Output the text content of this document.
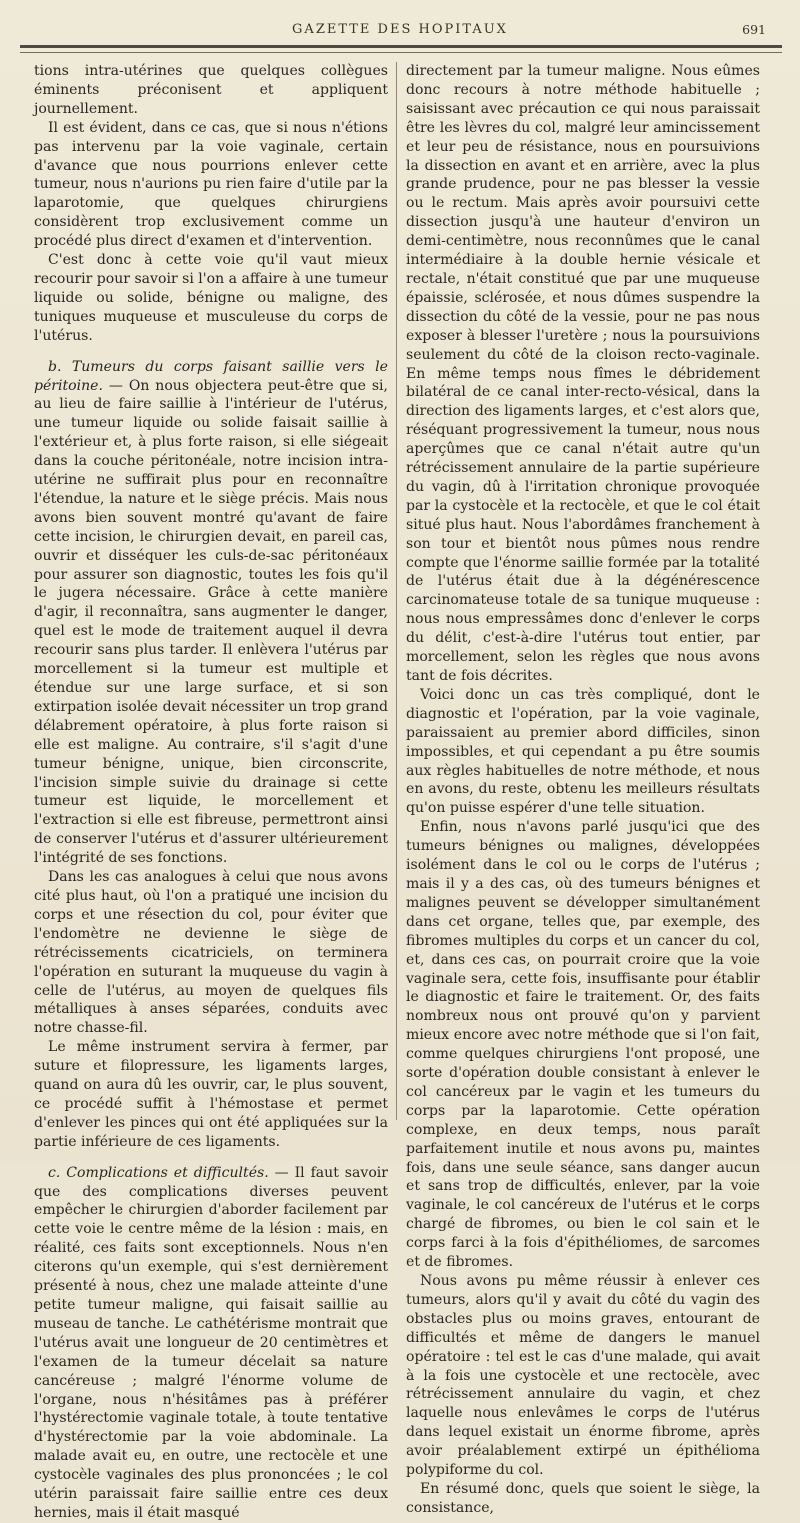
GAZETTE DES HOPITAUX	691

tions intra-utérines que quelques collègues éminents préconisent et appliquent journellement.

Il est évident, dans ce cas, que si nous n'étions pas intervenu par la voie vaginale, certain d'avance que nous pourrions enlever cette tumeur, nous n'aurions pu rien faire d'utile par la laparotomie, que quelques chirurgiens considèrent trop exclusivement comme un procédé plus direct d'examen et d'intervention.

C'est donc à cette voie qu'il vaut mieux recourir pour savoir si l'on a affaire à une tumeur liquide ou solide, bénigne ou maligne, des tuniques muqueuse et musculeuse du corps de l'utérus.

b. Tumeurs du corps faisant saillie vers le péritoine. — On nous objectera peut-être que si, au lieu de faire saillie à l'intérieur de l'utérus, une tumeur liquide ou solide faisait saillie à l'extérieur et, à plus forte raison, si elle siégeait dans la couche péritonéale, notre incision intra-utérine ne suffirait plus pour en reconnaître l'étendue, la nature et le siège précis. Mais nous avons bien souvent montré qu'avant de faire cette incision, le chirurgien devait, en pareil cas, ouvrir et disséquer les culs-de-sac péritonéaux pour assurer son diagnostic, toutes les fois qu'il le jugera nécessaire. Grâce à cette manière d'agir, il reconnaîtra, sans augmenter le danger, quel est le mode de traitement auquel il devra recourir sans plus tarder. Il enlèvera l'utérus par morcellement si la tumeur est multiple et étendue sur une large surface, et si son extirpation isolée devait nécessiter un trop grand délabrement opératoire, à plus forte raison si elle est maligne. Au contraire, s'il s'agit d'une tumeur bénigne, unique, bien circonscrite, l'incision simple suivie du drainage si cette tumeur est liquide, le morcellement et l'extraction si elle est fibreuse, permettront ainsi de conserver l'utérus et d'assurer ultérieurement l'intégrité de ses fonctions.

Dans les cas analogues à celui que nous avons cité plus haut, où l'on a pratiqué une incision du corps et une résection du col, pour éviter que l'endomètre ne devienne le siège de rétrécissements cicatriciels, on terminera l'opération en suturant la muqueuse du vagin à celle de l'utérus, au moyen de quelques fils métalliques à anses séparées, conduits avec notre chasse-fil.

Le même instrument servira à fermer, par suture et filopressure, les ligaments larges, quand on aura dû les ouvrir, car, le plus souvent, ce procédé suffit à l'hémostase et permet d'enlever les pinces qui ont été appliquées sur la partie inférieure de ces ligaments.

c. Complications et difficultés. — Il faut savoir que des complications diverses peuvent empêcher le chirurgien d'aborder facilement par cette voie le centre même de la lésion : mais, en réalité, ces faits sont exceptionnels. Nous n'en citerons qu'un exemple, qui s'est dernièrement présenté à nous, chez une malade atteinte d'une petite tumeur maligne, qui faisait saillie au museau de tanche. Le cathétérisme montrait que l'utérus avait une longueur de 20 centimètres et l'examen de la tumeur décelait sa nature cancéreuse ; malgré l'énorme volume de l'organe, nous n'hésitâmes pas à préférer l'hystérectomie vaginale totale, à toute tentative d'hystérectomie par la voie abdominale. La malade avait eu, en outre, une rectocèle et une cystocèle vaginales des plus prononcées ; le col utérin paraissait faire saillie entre ces deux hernies, mais il était masqué

directement par la tumeur maligne. Nous eûmes donc recours à notre méthode habituelle ; saisissant avec précaution ce qui nous paraissait être les lèvres du col, malgré leur amincissement et leur peu de résistance, nous en poursuivions la dissection en avant et en arrière, avec la plus grande prudence, pour ne pas blesser la vessie ou le rectum. Mais après avoir poursuivi cette dissection jusqu'à une hauteur d'environ un demi-centimètre, nous reconnûmes que le canal intermédiaire à la double hernie vésicale et rectale, n'était constitué que par une muqueuse épaissie, sclérosée, et nous dûmes suspendre la dissection du côté de la vessie, pour ne pas nous exposer à blesser l'uretère ; nous la poursuivions seulement du côté de la cloison recto-vaginale. En même temps nous fîmes le débridement bilatéral de ce canal inter-recto-vésical, dans la direction des ligaments larges, et c'est alors que, réséquant progressivement la tumeur, nous nous aperçûmes que ce canal n'était autre qu'un rétrécissement annulaire de la partie supérieure du vagin, dû à l'irritation chronique provoquée par la cystocèle et la rectocèle, et que le col était situé plus haut. Nous l'abordâmes franchement à son tour et bientôt nous pûmes nous rendre compte que l'énorme saillie formée par la totalité de l'utérus était due à la dégénérescence carcinomateuse totale de sa tunique muqueuse : nous nous empressâmes donc d'enlever le corps du délit, c'est-à-dire l'utérus tout entier, par morcellement, selon les règles que nous avons tant de fois décrites.

Voici donc un cas très compliqué, dont le diagnostic et l'opération, par la voie vaginale, paraissaient au premier abord difficiles, sinon impossibles, et qui cependant a pu être soumis aux règles habituelles de notre méthode, et nous en avons, du reste, obtenu les meilleurs résultats qu'on puisse espérer d'une telle situation.

Enfin, nous n'avons parlé jusqu'ici que des tumeurs bénignes ou malignes, développées isolément dans le col ou le corps de l'utérus ; mais il y a des cas, où des tumeurs bénignes et malignes peuvent se développer simultanément dans cet organe, telles que, par exemple, des fibromes multiples du corps et un cancer du col, et, dans ces cas, on pourrait croire que la voie vaginale sera, cette fois, insuffisante pour établir le diagnostic et faire le traitement. Or, des faits nombreux nous ont prouvé qu'on y parvient mieux encore avec notre méthode que si l'on fait, comme quelques chirurgiens l'ont proposé, une sorte d'opération double consistant à enlever le col cancéreux par le vagin et les tumeurs du corps par la laparotomie. Cette opération complexe, en deux temps, nous paraît parfaitement inutile et nous avons pu, maintes fois, dans une seule séance, sans danger aucun et sans trop de difficultés, enlever, par la voie vaginale, le col cancéreux de l'utérus et le corps chargé de fibromes, ou bien le col sain et le corps farci à la fois d'épithéliomes, de sarcomes et de fibromes.

Nous avons pu même réussir à enlever ces tumeurs, alors qu'il y avait du côté du vagin des obstacles plus ou moins graves, entourant de difficultés et même de dangers le manuel opératoire : tel est le cas d'une malade, qui avait à la fois une cystocèle et une rectocèle, avec rétrécissement annulaire du vagin, et chez laquelle nous enlevâmes le corps de l'utérus dans lequel existait un énorme fibrome, après avoir préalablement extirpé un épithélioma polypiforme du col.

En résumé donc, quels que soient le siège, la consistance,
